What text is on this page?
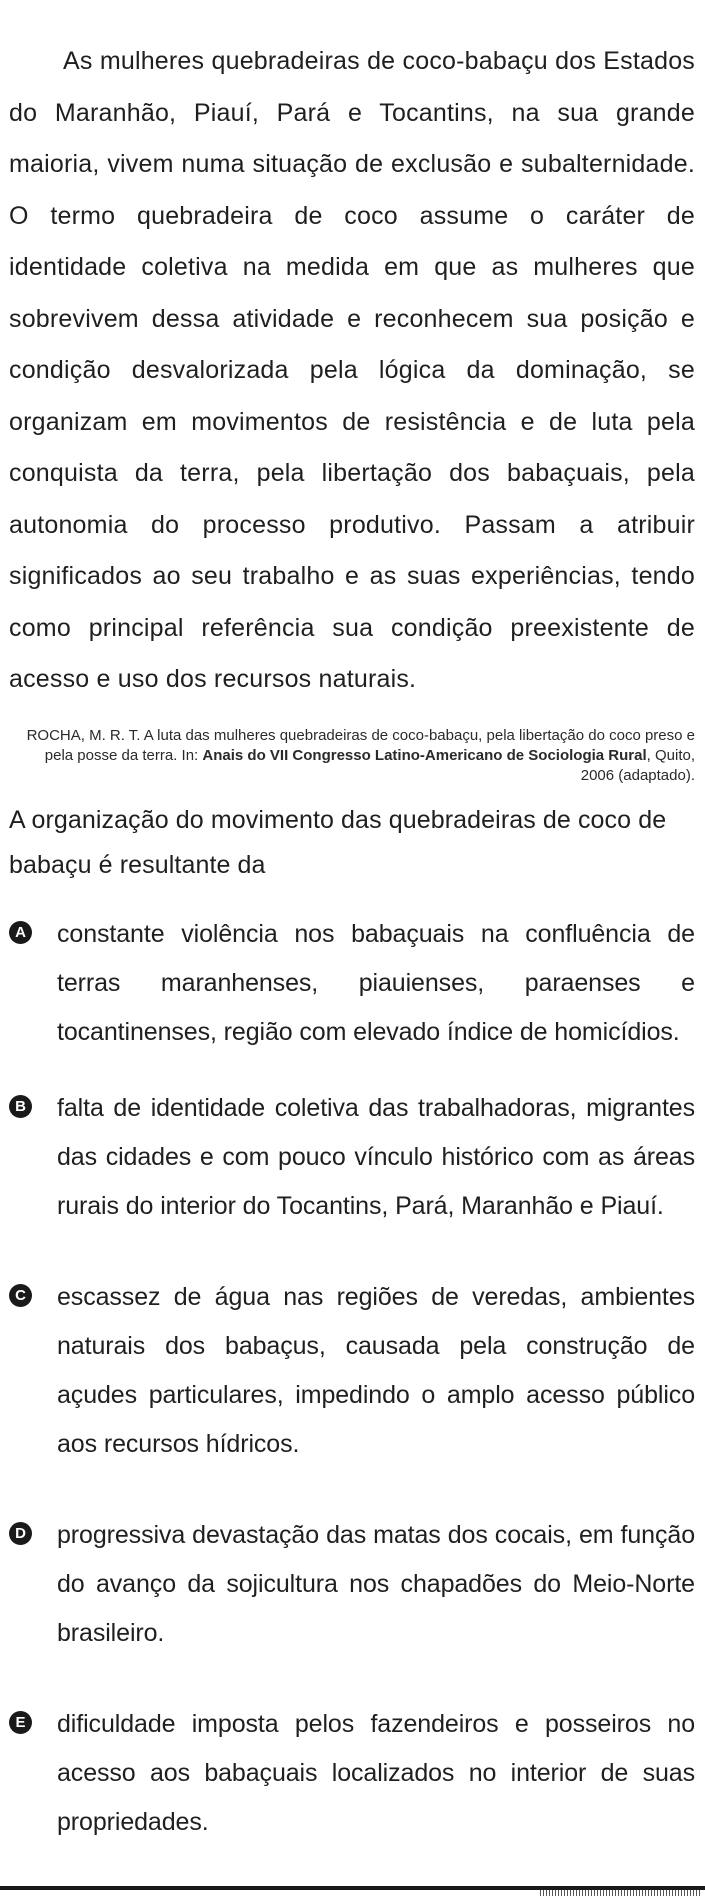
As mulheres quebradeiras de coco-babaçu dos Estados do Maranhão, Piauí, Pará e Tocantins, na sua grande maioria, vivem numa situação de exclusão e subalternidade. O termo quebradeira de coco assume o caráter de identidade coletiva na medida em que as mulheres que sobrevivem dessa atividade e reconhecem sua posição e condição desvalorizada pela lógica da dominação, se organizam em movimentos de resistência e de luta pela conquista da terra, pela libertação dos babaçuais, pela autonomia do processo produtivo. Passam a atribuir significados ao seu trabalho e as suas experiências, tendo como principal referência sua condição preexistente de acesso e uso dos recursos naturais.

ROCHA, M. R. T. A luta das mulheres quebradeiras de coco-babaçu, pela libertação do coco preso e pela posse da terra. In: Anais do VII Congresso Latino-Americano de Sociologia Rural, Quito, 2006 (adaptado).

A organização do movimento das quebradeiras de coco de babaçu é resultante da

A constante violência nos babaçuais na confluência de terras maranhenses, piauienses, paraenses e tocantinenses, região com elevado índice de homicídios.
B falta de identidade coletiva das trabalhadoras, migrantes das cidades e com pouco vínculo histórico com as áreas rurais do interior do Tocantins, Pará, Maranhão e Piauí.
C escassez de água nas regiões de veredas, ambientes naturais dos babaçus, causada pela construção de açudes particulares, impedindo o amplo acesso público aos recursos hídricos.
D progressiva devastação das matas dos cocais, em função do avanço da sojicultura nos chapadões do Meio-Norte brasileiro.
E dificuldade imposta pelos fazendeiros e posseiros no acesso aos babaçuais localizados no interior de suas propriedades.
